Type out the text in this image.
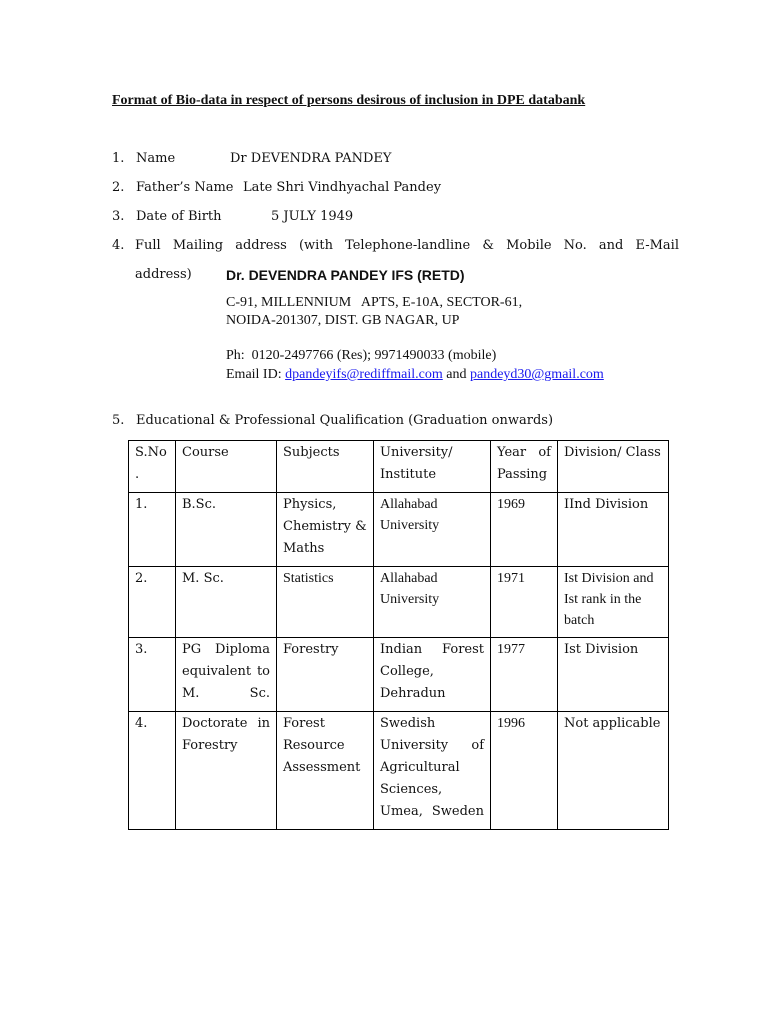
Format of Bio-data in respect of persons desirous of inclusion in DPE databank
1. Name	Dr DEVENDRA PANDEY
2. Father’s Name Late Shri Vindhyachal Pandey
3. Date of Birth	5 JULY 1949
4. Full Mailing address (with Telephone-landline & Mobile No. and E-Mail
address) Dr. DEVENDRA PANDEY IFS (RETD)
C-91, MILLENNIUM   APTS, E-10A, SECTOR-61,
NOIDA-201307, DIST. GB NAGAR, UP
Ph:  0120-2497766 (Res); 9971490033 (mobile)
Email ID: dpandeyifs@rediffmail.com and pandeyd30@gmail.com
5. Educational & Professional Qualification (Graduation onwards)
S.No .	Course	Subjects	University/ Institute	Year of Passing	Division/ Class
1.	B.Sc.	Physics, Chemistry & Maths	Allahabad University	1969	IInd Division
2.	M. Sc.	Statistics	Allahabad University	1971	Ist Division and Ist rank in the batch
3.	PG Diploma equivalent to M. Sc.	Forestry	Indian Forest College, Dehradun	1977	Ist Division
4.	Doctorate in Forestry	Forest Resource Assessment	Swedish University of Agricultural Sciences, Umea, Sweden	1996	Not applicable
